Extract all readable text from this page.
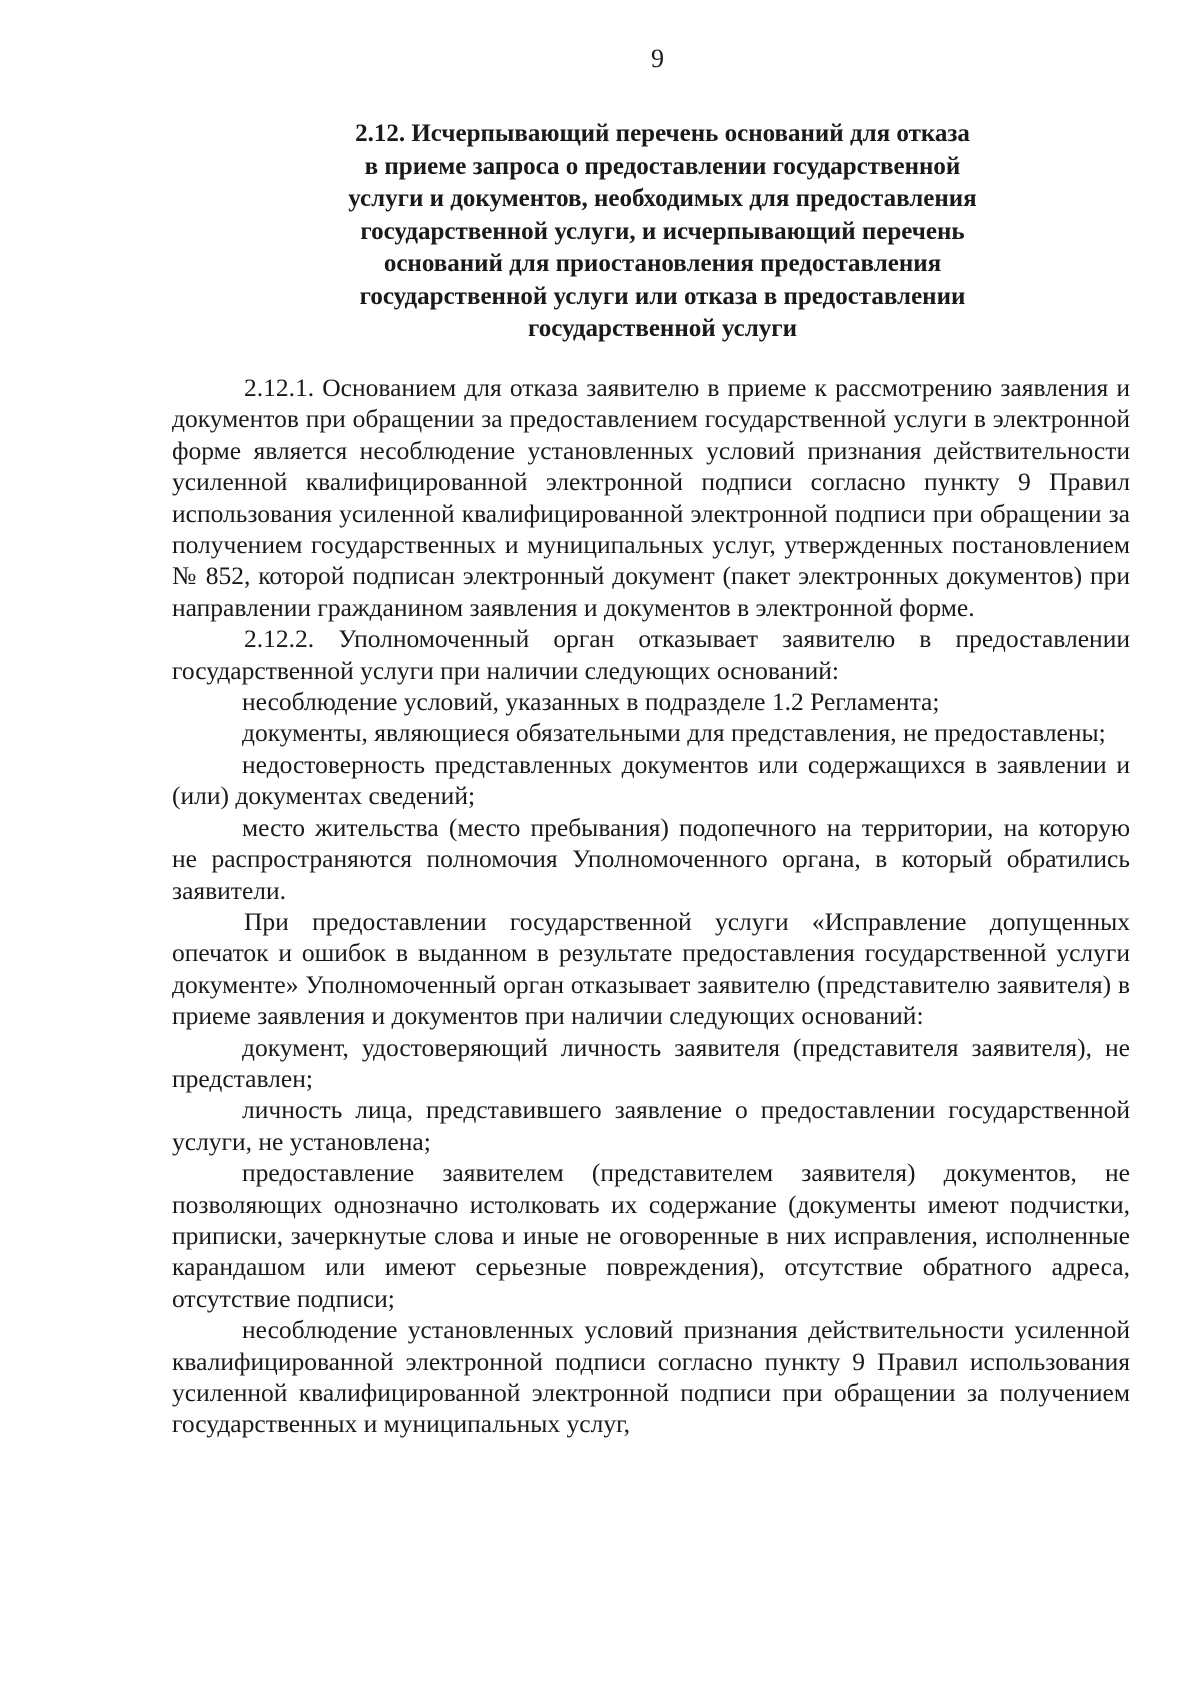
9
2.12. Исчерпывающий перечень оснований для отказа
в приеме запроса о предоставлении государственной
услуги и документов, необходимых для предоставления
государственной услуги, и исчерпывающий перечень
оснований для приостановления предоставления
государственной услуги или отказа в предоставлении
государственной услуги

2.12.1. Основанием для отказа заявителю в приеме к рассмотрению заявления и документов при обращении за предоставлением государственной услуги в электронной форме является несоблюдение установленных условий признания действительности усиленной квалифицированной электронной подписи согласно пункту 9 Правил использования усиленной квалифицированной электронной подписи при обращении за получением государственных и муниципальных услуг, утвержденных постановлением № 852, которой подписан электронный документ (пакет электронных документов) при направлении гражданином заявления и документов в электронной форме.

2.12.2. Уполномоченный орган отказывает заявителю в предоставлении государственной услуги при наличии следующих оснований:

несоблюдение условий, указанных в подразделе 1.2 Регламента;

документы, являющиеся обязательными для представления, не предоставлены;

недостоверность представленных документов или содержащихся в заявлении и (или) документах сведений;

место жительства (место пребывания) подопечного на территории, на которую не распространяются полномочия Уполномоченного органа, в который обратились заявители.

При предоставлении государственной услуги «Исправление допущенных опечаток и ошибок в выданном в результате предоставления государственной услуги документе» Уполномоченный орган отказывает заявителю (представителю заявителя) в приеме заявления и документов при наличии следующих оснований:

документ, удостоверяющий личность заявителя (представителя заявителя), не представлен;

личность лица, представившего заявление о предоставлении государственной услуги, не установлена;

предоставление заявителем (представителем заявителя) документов, не позволяющих однозначно истолковать их содержание (документы имеют подчистки, приписки, зачеркнутые слова и иные не оговоренные в них исправления, исполненные карандашом или имеют серьезные повреждения), отсутствие обратного адреса, отсутствие подписи;

несоблюдение установленных условий признания действительности усиленной квалифицированной электронной подписи согласно пункту 9 Правил использования усиленной квалифицированной электронной подписи при обращении за получением государственных и муниципальных услуг,
